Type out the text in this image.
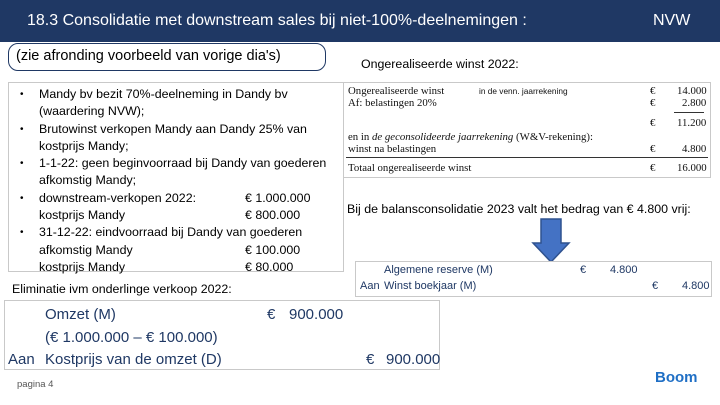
18.3 Consolidatie met downstream sales bij niet-100%-deelnemingen :	NVW
(zie afronding voorbeeld van vorige dia's)
• Mandy bv bezit 70%-deelneming in Dandy bv
(waardering NVW);
• Brutowinst verkopen Mandy aan Dandy 25% van
kostprijs Mandy;
• 1-1-22: geen beginvoorraad bij Dandy van goederen
afkomstig Mandy;
• downstream-verkopen 2022:	€ 1.000.000
kostprijs Mandy	€ 800.000
• 31-12-22: eindvoorraad bij Dandy van goederen
afkomstig Mandy	€ 100.000
kostprijs Mandy	€ 80.000
Eliminatie ivm onderlinge verkoop 2022:
Omzet (M)	€ 900.000
(€ 1.000.000 – € 100.000)
Aan Kostprijs van de omzet (D)	€ 900.000
pagina 4	Boom
Ongerealiseerde winst 2022:
Ongerealiseerde winst	in de venn. jaarrekening	€ 14.000
Af: belastingen 20%	€ 2.800
€ 11.200
en in de geconsolideerde jaarrekening (W&V-rekening):
winst na belastingen	€ 4.800
Totaal ongerealiseerde winst	€ 16.000
Bij de balansconsolidatie 2023 valt het bedrag van € 4.800 vrij:
Algemene reserve (M)	€ 4.800
Aan Winst boekjaar (M)	€ 4.800
